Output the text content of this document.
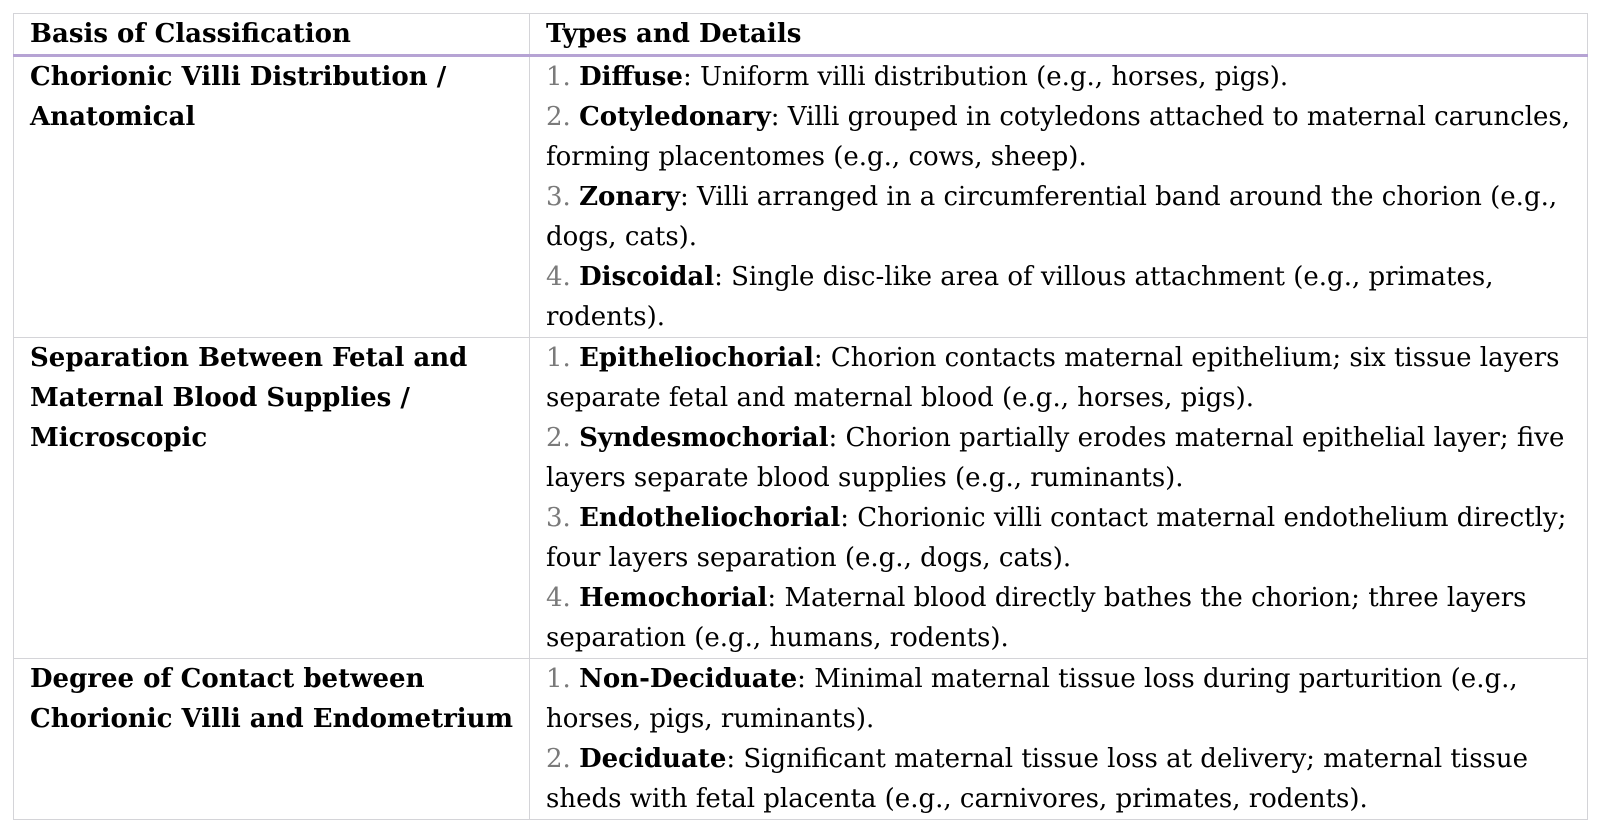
Basis of Classification	Types and Details
Chorionic Villi Distribution / Anatomical	1. Diffuse: Uniform villi distribution (e.g., horses, pigs).
2. Cotyledonary: Villi grouped in cotyledons attached to maternal caruncles, forming placentomes (e.g., cows, sheep).
3. Zonary: Villi arranged in a circumferential band around the chorion (e.g., dogs, cats).
4. Discoidal: Single disc-like area of villous attachment (e.g., primates, rodents).

Separation Between Fetal and Maternal Blood Supplies / Microscopic	1. Epitheliochorial: Chorion contacts maternal epithelium; six tissue layers separate fetal and maternal blood (e.g., horses, pigs).
2. Syndesmochorial: Chorion partially erodes maternal epithelial layer; five layers separate blood supplies (e.g., ruminants).
3. Endotheliochorial: Chorionic villi contact maternal endothelium directly; four layers separation (e.g., dogs, cats).
4. Hemochorial: Maternal blood directly bathes the chorion; three layers separation (e.g., humans, rodents).

Degree of Contact between Chorionic Villi and Endometrium	1. Non-Deciduate: Minimal maternal tissue loss during parturition (e.g., horses, pigs, ruminants).
2. Deciduate: Significant maternal tissue loss at delivery; maternal tissue sheds with fetal placenta (e.g., carnivores, primates, rodents).
